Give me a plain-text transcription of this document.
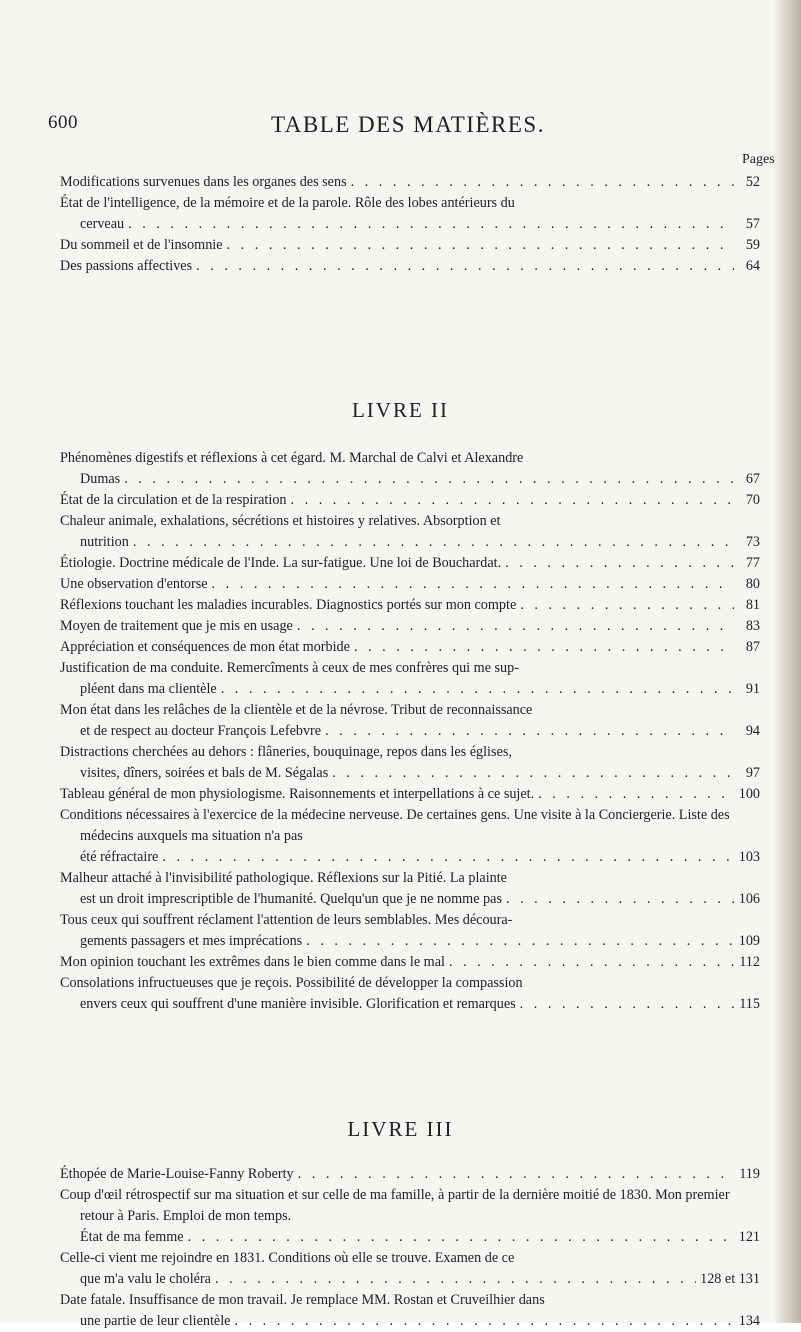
600	TABLE DES MATIÈRES.
Pages
Modifications survenues dans les organes des sens . . .	52
État de l'intelligence, de la mémoire et de la parole. Rôle des lobes antérieurs du
cerveau . . .	57
Du sommeil et de l'insomnie . . .	59
Des passions affectives . . .	64
LIVRE II
Phénomènes digestifs et réflexions à cet égard. M. Marchal de Calvi et Alexandre
Dumas . . .	67
État de la circulation et de la respiration . . .	70
Chaleur animale, exhalations, sécrétions et histoires y relatives. Absorption et
nutrition . . .	73
Étiologie. Doctrine médicale de l'Inde. La sur-fatigue. Une loi de Bouchardat. . . .	77
Une observation d'entorse . . .	80
Réflexions touchant les maladies incurables. Diagnostics portés sur mon compte . . .	81
Moyen de traitement que je mis en usage . . .	83
Appréciation et conséquences de mon état morbide . . .	87
Justification de ma conduite. Remercîments à ceux de mes confrères qui me sup-
pléent dans ma clientèle . . .	91
Mon état dans les relâches de la clientèle et de la névrose. Tribut de reconnaissance
et de respect au docteur François Lefebvre . . .	94
Distractions cherchées au dehors : flâneries, bouquinage, repos dans les églises,
visites, dîners, soirées et bals de M. Ségalas . . .	97
Tableau général de mon physiologisme. Raisonnements et interpellations à ce sujet. . . .	100
Conditions nécessaires à l'exercice de la médecine nerveuse. De certaines gens. Une visite à la Conciergerie. Liste des médecins auxquels ma situation n'a pas
été réfractaire . . .	103
Malheur attaché à l'invisibilité pathologique. Réflexions sur la Pitié. La plainte
est un droit imprescriptible de l'humanité. Quelqu'un que je ne nomme pas . . .	106
Tous ceux qui souffrent réclament l'attention de leurs semblables. Mes décourа-
gements passagers et mes imprécations . . .	109
Mon opinion touchant les extrêmes dans le bien comme dans le mal . . .	112
Consolations infructueuses que je reçois. Possibilité de développer la compassion
envers ceux qui souffrent d'une manière invisible. Glorification et remarques . . .	115
LIVRE III
Éthopée de Marie-Louise-Fanny Roberty . . .	119
Coup d'œil rétrospectif sur ma situation et sur celle de ma famille, à partir de la dernière moitié de 1830. Mon premier retour à Paris. Emploi de mon temps.
État de ma femme . . .	121
Celle-ci vient me rejoindre en 1831. Conditions où elle se trouve. Examen de ce
que m'a valu le choléra . . .	128 et 131
Date fatale. Insuffisance de mon travail. Je remplace MM. Rostan et Cruveilhier dans
une partie de leur clientèle . . .	134
